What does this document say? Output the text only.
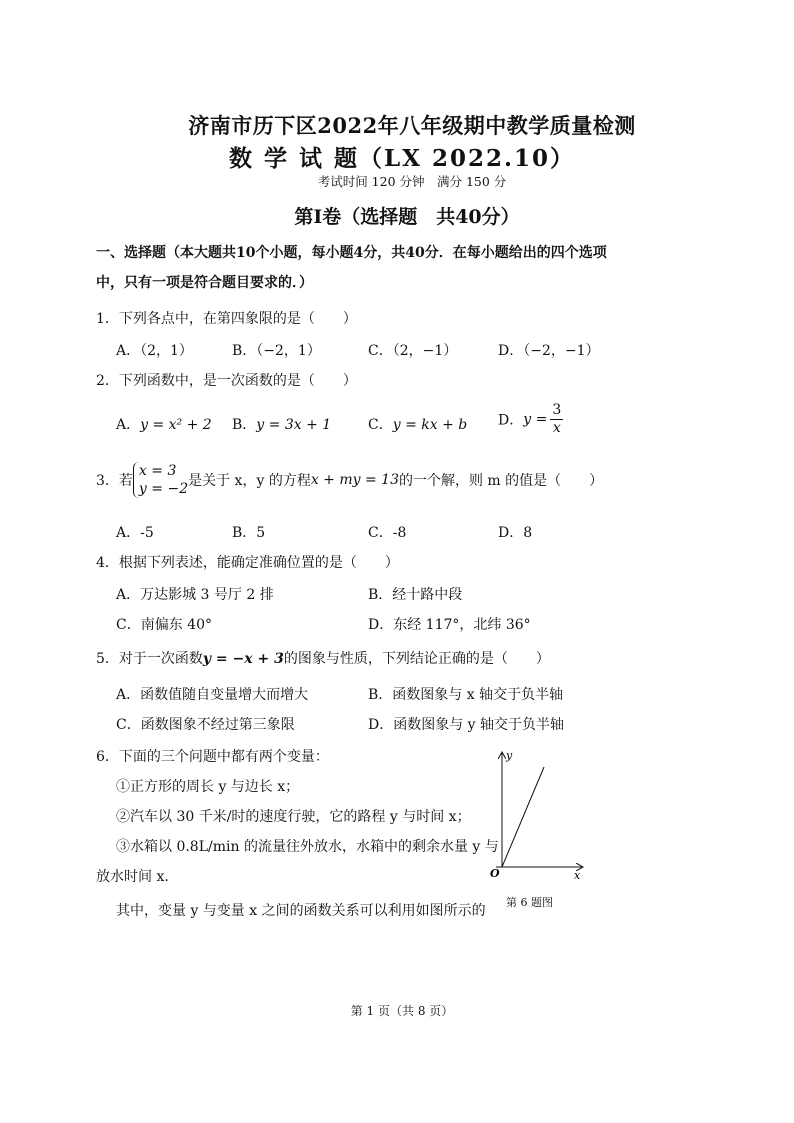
济南市历下区2022年八年级期中教学质量检测
数 学 试 题（LX 2022.10）
考试时间 120 分钟　满分 150 分
第Ⅰ卷（选择题　共40分）
一、选择题（本大题共10个小题，每小题4分，共40分．在每小题给出的四个选项中，只有一项是符合题目要求的．）
1．下列各点中，在第四象限的是（　　）
A．（2，1）	B．（−2，1）	C．（2，−1）	D．（−2，−1）
2．下列函数中，是一次函数的是（　　）
A．y = x² + 2 B．y = 3x + 1	C．y = kx + b D．$y = \frac{3}{x}$
3．若
x = 3
y = −2 是关于 x，y 的方程x + my = 13的一个解，则 m 的值是（　　）
A．-5	B．5	C．-8	D．8
4．根据下列表述，能确定准确位置的是（　　）
A．万达影城 3 号厅 2 排	B．经十路中段
C．南偏东 40°	D．东经 117°，北纬 36°
5．对于一次函数y = −x + 3的图象与性质，下列结论正确的是（　　）
A．函数值随自变量增大而增大	B．函数图象与 x 轴交于负半轴
C．函数图象不经过第三象限	D．函数图象与 y 轴交于负半轴
6．下面的三个问题中都有两个变量：
①正方形的周长 y 与边长 x；
②汽车以 30 千米/时的速度行驶，它的路程 y 与时间 x；
③水箱以 0.8L/min 的流量往外放水，水箱中的剩余水量 y 与
放水时间 x.
其中，变量 y 与变量 x 之间的函数关系可以利用如图所示的
y
x
O
第 6 题图
第 1 页（共 8 页）
